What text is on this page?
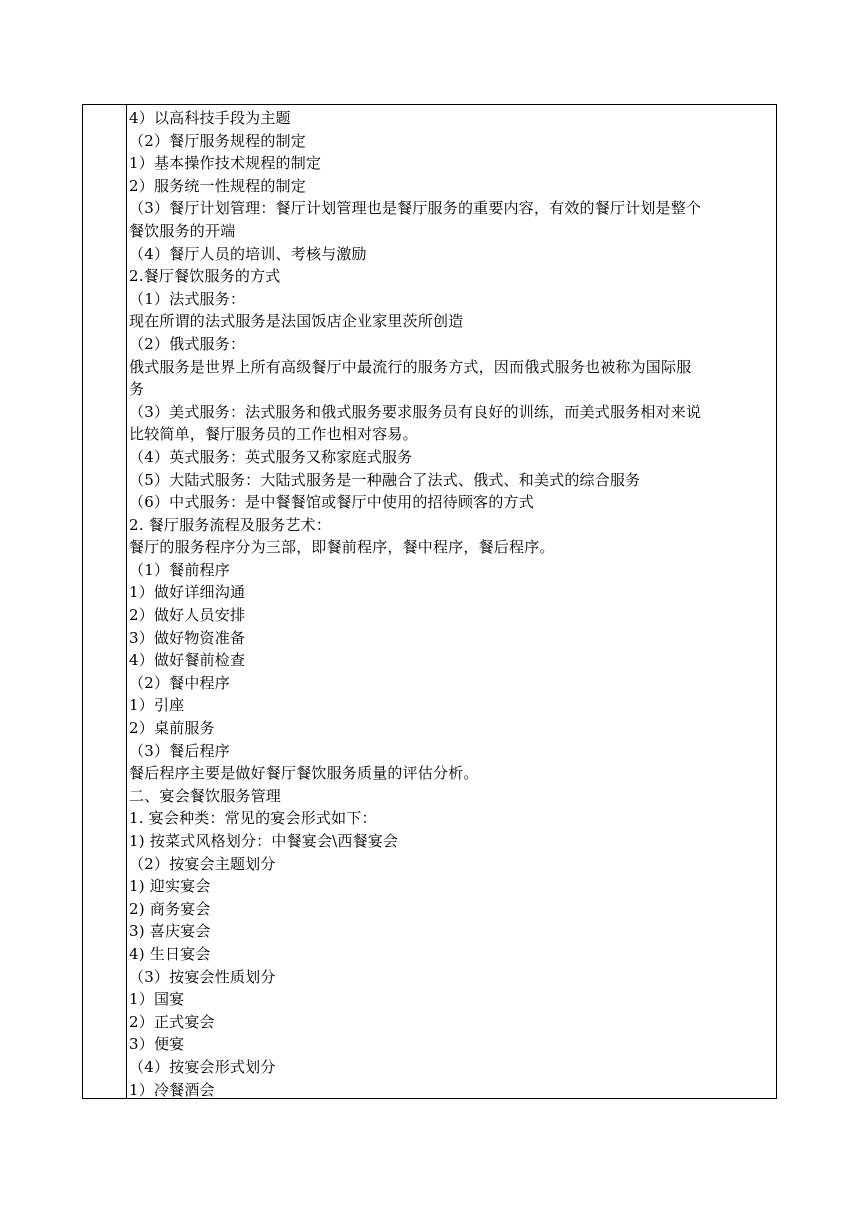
4）以高科技手段为主题
（2）餐厅服务规程的制定
1）基本操作技术规程的制定
2）服务统一性规程的制定
（3）餐厅计划管理：餐厅计划管理也是餐厅服务的重要内容，有效的餐厅计划是整个
餐饮服务的开端
（4）餐厅人员的培训、考核与激励
2.餐厅餐饮服务的方式
（1）法式服务：
现在所谓的法式服务是法国饭店企业家里茨所创造
（2）俄式服务：
俄式服务是世界上所有高级餐厅中最流行的服务方式，因而俄式服务也被称为国际服
务
（3）美式服务：法式服务和俄式服务要求服务员有良好的训练，而美式服务相对来说
比较简单，餐厅服务员的工作也相对容易。
（4）英式服务：英式服务又称家庭式服务
（5）大陆式服务：大陆式服务是一种融合了法式、俄式、和美式的综合服务
（6）中式服务：是中餐餐馆或餐厅中使用的招待顾客的方式
2. 餐厅服务流程及服务艺术：
餐厅的服务程序分为三部，即餐前程序，餐中程序，餐后程序。
（1）餐前程序
1）做好详细沟通
2）做好人员安排
3）做好物资准备
4）做好餐前检查
（2）餐中程序
1）引座
2）桌前服务
（3）餐后程序
餐后程序主要是做好餐厅餐饮服务质量的评估分析。
二、宴会餐饮服务管理
1. 宴会种类：常见的宴会形式如下：
1) 按菜式风格划分：中餐宴会\西餐宴会
（2）按宴会主题划分
1) 迎实宴会
2) 商务宴会
3) 喜庆宴会
4) 生日宴会
（3）按宴会性质划分
1）国宴
2）正式宴会
3）便宴
（4）按宴会形式划分
1）冷餐酒会
